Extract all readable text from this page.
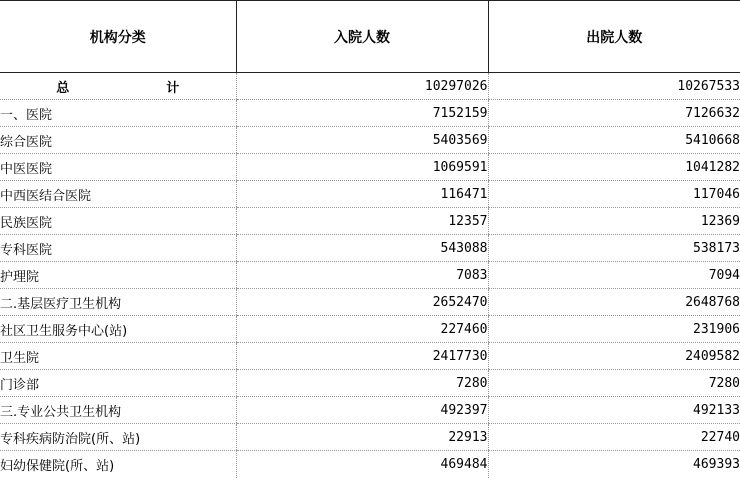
机构分类	入院人数	出院人数
总　计	10297026	10267533
一、医院	7152159	7126632
综合医院	5403569	5410668
中医医院	1069591	1041282
中西医结合医院	116471	117046
民族医院	12357	12369
专科医院	543088	538173
护理院	7083	7094
二.基层医疗卫生机构	2652470	2648768
社区卫生服务中心(站)	227460	231906
卫生院	2417730	2409582
门诊部	7280	7280
三.专业公共卫生机构	492397	492133
专科疾病防治院(所、站)	22913	22740
妇幼保健院(所、站)	469484	469393
